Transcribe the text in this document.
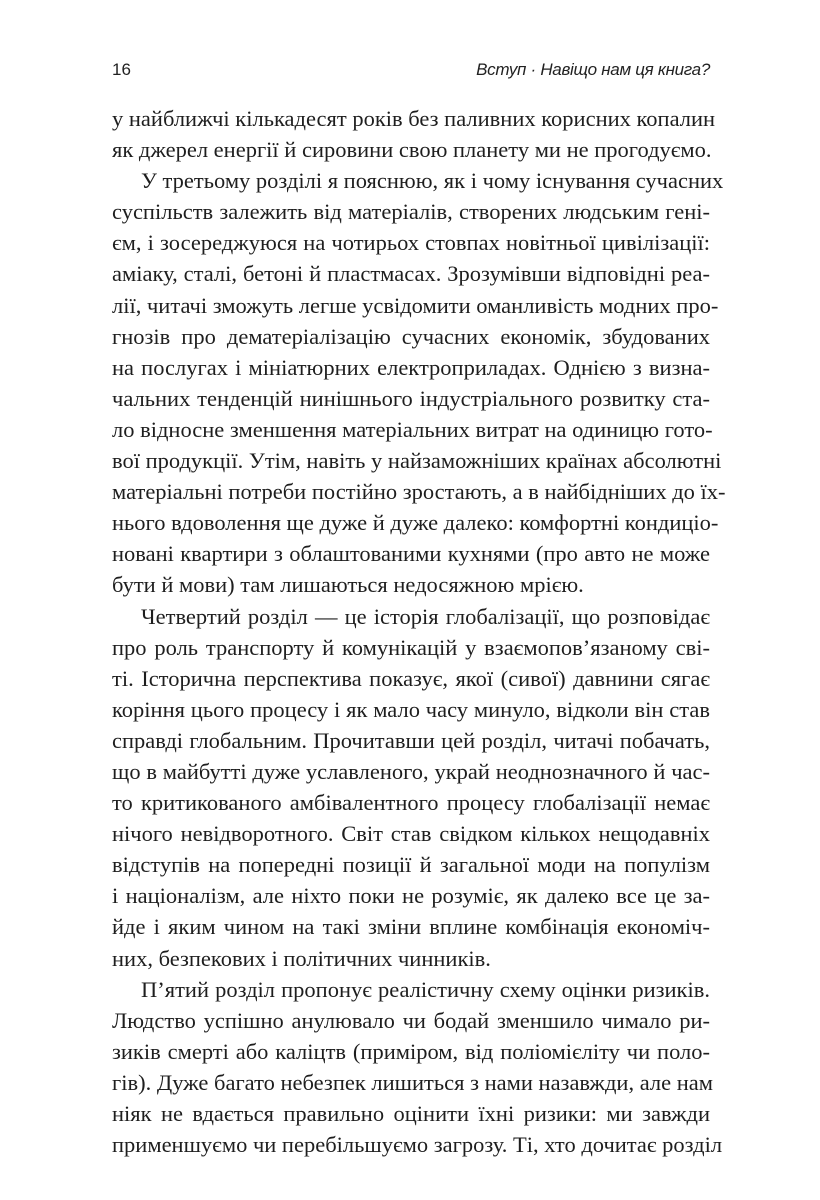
16	Вступ · Навіщо нам ця книга?

у найближчі кількадесят років без паливних корисних копалин
як джерел енергії й сировини свою планету ми не прогодуємо.

У третьому розділі я пояснюю, як і чому існування сучасних
суспільств залежить від матеріалів, створених людським гені-
єм, і зосереджуюся на чотирьох стовпах новітньої цивілізації:
аміаку, сталі, бетоні й пластмасах. Зрозумівши відповідні реа-
лії, читачі зможуть легше усвідомити оманливість модних про-
гнозів про дематеріалізацію сучасних економік, збудованих
на послугах і мініатюрних електроприладах. Однією з визна-
чальних тенденцій нинішнього індустріального розвитку ста-
ло відносне зменшення матеріальних витрат на одиницю гото-
вої продукції. Утім, навіть у найзаможніших країнах абсолютні
матеріальні потреби постійно зростають, а в найбідніших до їх-
нього вдоволення ще дуже й дуже далеко: комфортні кондиціо-
новані квартири з облаштованими кухнями (про авто не може
бути й мови) там лишаються недосяжною мрією.

Четвертий розділ — це історія глобалізації, що розповідає
про роль транспорту й комунікацій у взаємопов’язаному сві-
ті. Історична перспектива показує, якої (сивої) давнини сягає
коріння цього процесу і як мало часу минуло, відколи він став
справді глобальним. Прочитавши цей розділ, читачі побачать,
що в майбутті дуже уславленого, украй неоднозначного й час-
то критикованого амбівалентного процесу глобалізації немає
нічого невідворотного. Світ став свідком кількох нещодавніх
відступів на попередні позиції й загальної моди на популізм
і націоналізм, але ніхто поки не розуміє, як далеко все це за-
йде і яким чином на такі зміни вплине комбінація економіч-
них, безпекових і політичних чинників.

П’ятий розділ пропонує реалістичну схему оцінки ризиків.
Людство успішно анулювало чи бодай зменшило чимало ри-
зиків смерті або каліцтв (приміром, від поліомієліту чи поло-
гів). Дуже багато небезпек лишиться з нами назавжди, але нам
ніяк не вдається правильно оцінити їхні ризики: ми завжди
применшуємо чи перебільшуємо загрозу. Ті, хто дочитає розділ
